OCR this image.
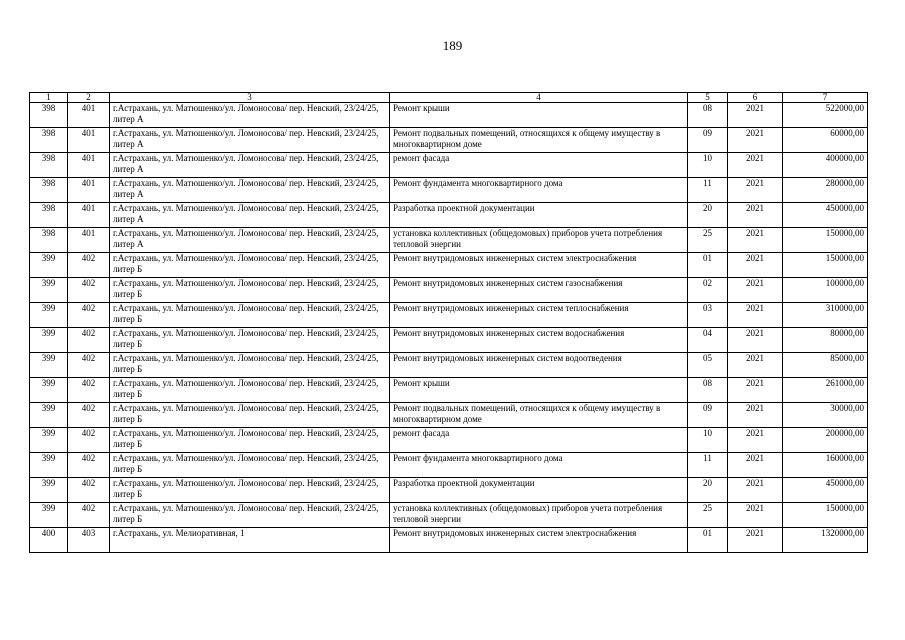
189
1	2	3	4	5	6	7
398	401	г.Астрахань, ул. Матюшенко/ул. Ломоносова/ пер. Невский, 23/24/25, литер А	Ремонт крыши	08	2021	522000,00
398	401	г.Астрахань, ул. Матюшенко/ул. Ломоносова/ пер. Невский, 23/24/25, литер А	Ремонт подвальных помещений, относящихся к общему имуществу в многоквартирном доме	09	2021	60000,00
398	401	г.Астрахань, ул. Матюшенко/ул. Ломоносова/ пер. Невский, 23/24/25, литер А	ремонт фасада	10	2021	400000,00
398	401	г.Астрахань, ул. Матюшенко/ул. Ломоносова/ пер. Невский, 23/24/25, литер А	Ремонт фундамента многоквартирного дома	11	2021	280000,00
398	401	г.Астрахань, ул. Матюшенко/ул. Ломоносова/ пер. Невский, 23/24/25, литер А	Разработка проектной документации	20	2021	450000,00
398	401	г.Астрахань, ул. Матюшенко/ул. Ломоносова/ пер. Невский, 23/24/25, литер А	установка коллективных (общедомовых) приборов учета потребления тепловой энергии	25	2021	150000,00
399	402	г.Астрахань, ул. Матюшенко/ул. Ломоносова/ пер. Невский, 23/24/25, литер Б	Ремонт внутридомовых инженерных систем электроснабжения	01	2021	150000,00
399	402	г.Астрахань, ул. Матюшенко/ул. Ломоносова/ пер. Невский, 23/24/25, литер Б	Ремонт внутридомовых инженерных систем газоснабжения	02	2021	100000,00
399	402	г.Астрахань, ул. Матюшенко/ул. Ломоносова/ пер. Невский, 23/24/25, литер Б	Ремонт внутридомовых инженерных систем теплоснабжения	03	2021	310000,00
399	402	г.Астрахань, ул. Матюшенко/ул. Ломоносова/ пер. Невский, 23/24/25, литер Б	Ремонт внутридомовых инженерных систем водоснабжения	04	2021	80000,00
399	402	г.Астрахань, ул. Матюшенко/ул. Ломоносова/ пер. Невский, 23/24/25, литер Б	Ремонт внутридомовых инженерных систем водоотведения	05	2021	85000,00
399	402	г.Астрахань, ул. Матюшенко/ул. Ломоносова/ пер. Невский, 23/24/25, литер Б	Ремонт крыши	08	2021	261000,00
399	402	г.Астрахань, ул. Матюшенко/ул. Ломоносова/ пер. Невский, 23/24/25, литер Б	Ремонт подвальных помещений, относящихся к общему имуществу в многоквартирном доме	09	2021	30000,00
399	402	г.Астрахань, ул. Матюшенко/ул. Ломоносова/ пер. Невский, 23/24/25, литер Б	ремонт фасада	10	2021	200000,00
399	402	г.Астрахань, ул. Матюшенко/ул. Ломоносова/ пер. Невский, 23/24/25, литер Б	Ремонт фундамента многоквартирного дома	11	2021	160000,00
399	402	г.Астрахань, ул. Матюшенко/ул. Ломоносова/ пер. Невский, 23/24/25, литер Б	Разработка проектной документации	20	2021	450000,00
399	402	г.Астрахань, ул. Матюшенко/ул. Ломоносова/ пер. Невский, 23/24/25, литер Б	установка коллективных (общедомовых) приборов учета потребления тепловой энергии	25	2021	150000,00
400	403	г.Астрахань, ул. Мелиоративная, 1	Ремонт внутридомовых инженерных систем электроснабжения	01	2021	1320000,00
